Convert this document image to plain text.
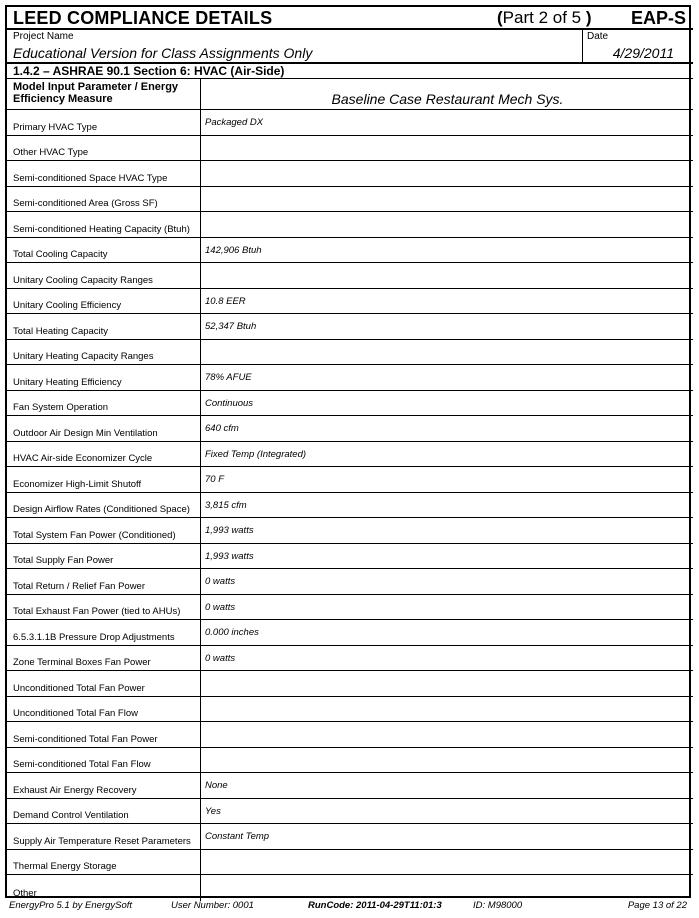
LEED COMPLIANCE DETAILS	(Part 2 of 5 ) EAP-S
Project Name
Educational Version for Class Assignments Only
Date
4/29/2011
1.4.2 – ASHRAE 90.1 Section 6: HVAC (Air-Side)
Model Input Parameter / Energy Efficiency Measure	Baseline Case Restaurant Mech Sys.
Primary HVAC Type	Packaged DX
Other HVAC Type
Semi-conditioned Space HVAC Type
Semi-conditioned Area (Gross SF)
Semi-conditioned Heating Capacity (Btuh)
Total Cooling Capacity	142,906 Btuh
Unitary Cooling Capacity Ranges
Unitary Cooling Efficiency	10.8 EER
Total Heating Capacity	52,347 Btuh
Unitary Heating Capacity Ranges
Unitary Heating Efficiency	78% AFUE
Fan System Operation	Continuous
Outdoor Air Design Min Ventilation	640 cfm
HVAC Air-side Economizer Cycle	Fixed Temp (Integrated)
Economizer High-Limit Shutoff	70 F
Design Airflow Rates (Conditioned Space)	3,815 cfm
Total System Fan Power (Conditioned)	1,993 watts
Total Supply Fan Power	1,993 watts
Total Return / Relief Fan Power	0 watts
Total Exhaust Fan Power (tied to AHUs)	0 watts
6.5.3.1.1B Pressure Drop Adjustments	0.000 inches
Zone Terminal Boxes Fan Power	0 watts
Unconditioned Total Fan Power
Unconditioned Total Fan Flow
Semi-conditioned Total Fan Power
Semi-conditioned Total Fan Flow
Exhaust Air Energy Recovery	None
Demand Control Ventilation	Yes
Supply Air Temperature Reset Parameters	Constant Temp
Thermal Energy Storage
Other
EnergyPro 5.1 by EnergySoft	User Number: 0001	RunCode: 2011-04-29T11:01:3	ID: M98000	Page 13 of 22
